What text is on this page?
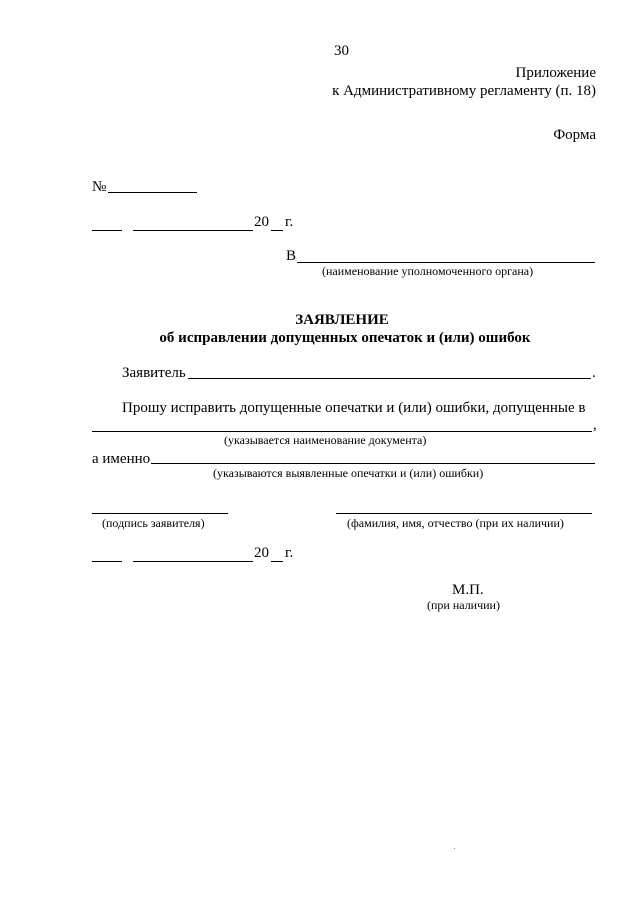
30
Приложение
к Административному регламенту (п. 18)
Форма
№
20 г.
В
(наименование уполномоченного органа)
ЗАЯВЛЕНИЕ
об исправлении допущенных опечаток и (или) ошибок
Заявитель	.
Прошу исправить допущенные опечатки и (или) ошибки, допущенные в
,
(указывается наименование документа)
а именно
(указываются выявленные опечатки и (или) ошибки)
(подпись заявителя)	(фамилия, имя, отчество (при их наличии)
20 г.
М.П.
(при наличии)
